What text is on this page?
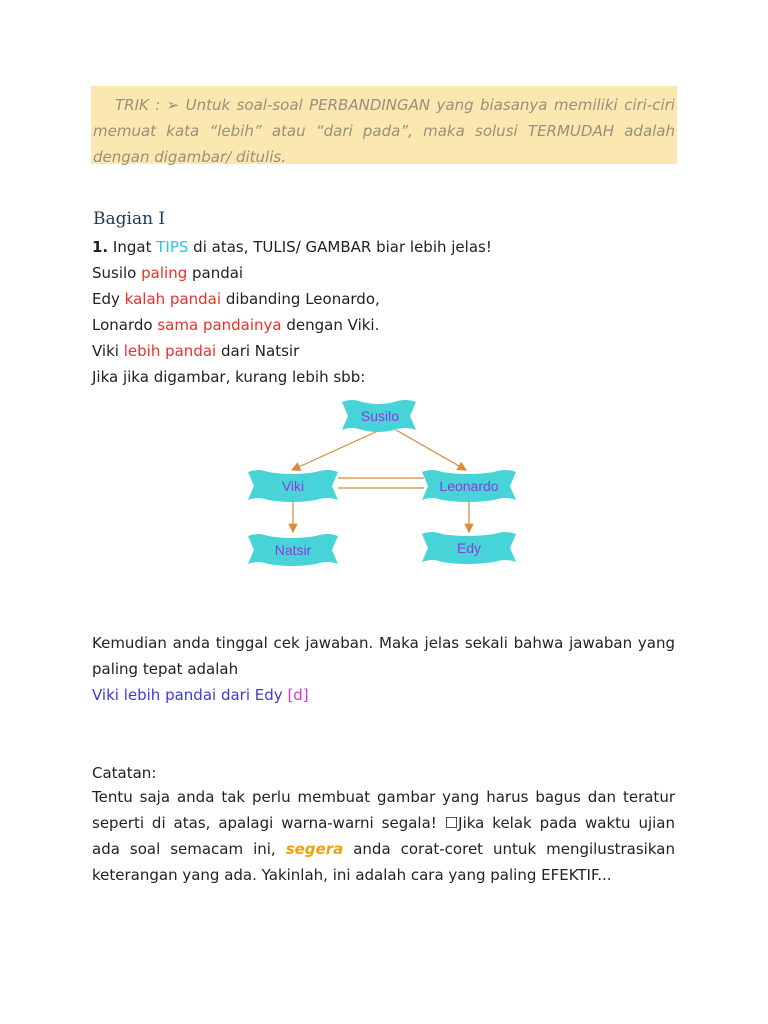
TRIK : ➢ Untuk soal-soal PERBANDINGAN yang biasanya memiliki ciri-ciri memuat kata “lebih” atau “dari pada”, maka solusi TERMUDAH adalah dengan digambar/ ditulis.
Bagian I
1. Ingat TIPS di atas, TULIS/ GAMBAR biar lebih jelas!
Susilo paling pandai
Edy kalah pandai dibanding Leonardo,
Lonardo sama pandainya dengan Viki.
Viki lebih pandai dari Natsir
Jika jika digambar, kurang lebih sbb:
Susilo
Viki	Leonardo
Natsir	Edy
Kemudian anda tinggal cek jawaban. Maka jelas sekali bahwa jawaban yang paling tepat adalah
Viki lebih pandai dari Edy [d]
Catatan:
Tentu saja anda tak perlu membuat gambar yang harus bagus dan teratur seperti di atas, apalagi warna-warni segala! ☐Jika kelak pada waktu ujian ada soal semacam ini, segera anda corat-coret untuk mengilustrasikan keterangan yang ada. Yakinlah, ini adalah cara yang paling EFEKTIF...
